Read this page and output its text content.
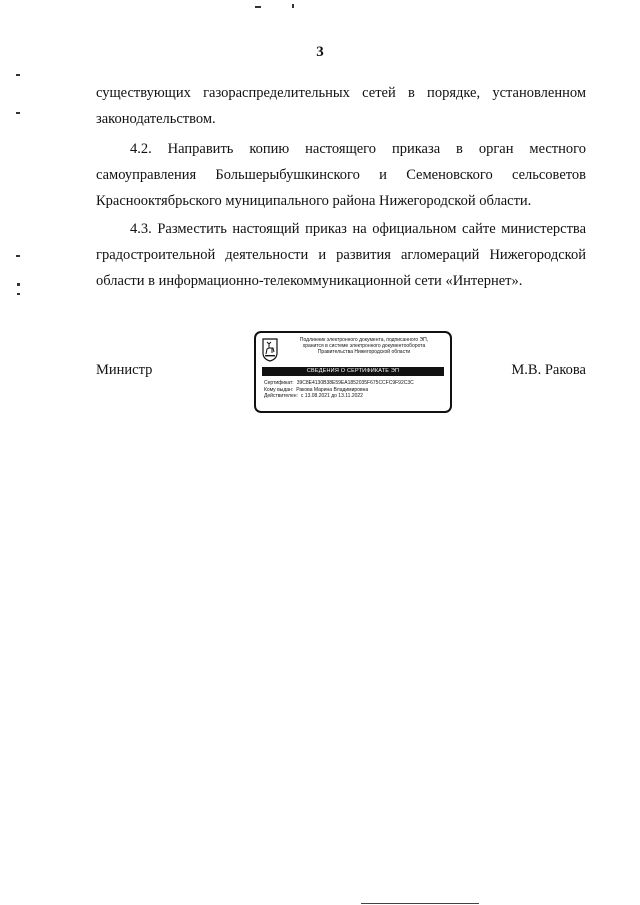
3

существующих газораспределительных сетей в порядке, установленном законодательством.

4.2. Направить копию настоящего приказа в орган местного самоуправления Большерыбушкинского и Семеновского сельсоветов Краснооктябрьского муниципального района Нижегородской области.

4.3. Разместить настоящий приказ на официальном сайте министерства градостроительной деятельности и развития агломераций Нижегородской области в информационно-телекоммуникационной сети «Интернет».

Министр	М.В. Ракова
Подлинник электронного документа, подписанного ЭП,
хранится в системе электронного документооборота
Правительства Нижегородской области
СВЕДЕНИЯ О СЕРТИФИКАТЕ ЭП
Сертификат: 39C8E4130B38E59EA1852035F675CCFC9F92C3C
Кому выдан: Ракова Марина Владимировна
Действителен: с 13.08.2021 до 13.11.2022
